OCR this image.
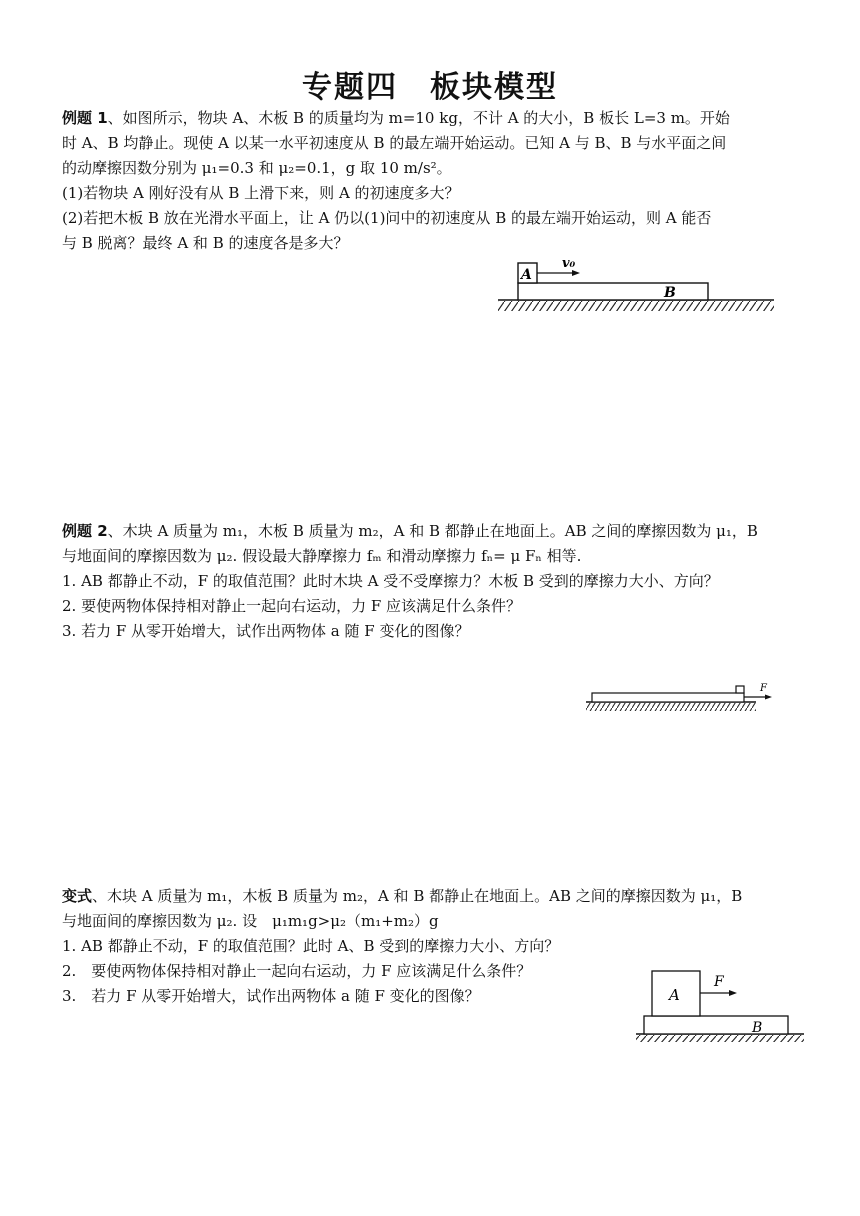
专题四　板块模型
例题 1、如图所示，物块 A、木板 B 的质量均为 m=10 kg，不计 A 的大小，B 板长 L=3 m。开始
时 A、B 均静止。现使 A 以某一水平初速度从 B 的最左端开始运动。已知 A 与 B、B 与水平面之间
的动摩擦因数分别为 μ₁=0.3 和 μ₂=0.1，g 取 10 m/s²。
(1)若物块 A 刚好没有从 B 上滑下来，则 A 的初速度多大？
(2)若把木板 B 放在光滑水平面上，让 A 仍以(1)问中的初速度从 B 的最左端开始运动，则 A 能否
与 B 脱离？最终 A 和 B 的速度各是多大？
A
B
v₀
例题 2、木块 A 质量为 m₁，木板 B 质量为 m₂，A 和 B 都静止在地面上。AB 之间的摩擦因数为 μ₁，B
与地面间的摩擦因数为 μ₂. 假设最大静摩擦力 fₘ 和滑动摩擦力 fₙ= μ Fₙ 相等.
1. AB 都静止不动，F 的取值范围？此时木块 A 受不受摩擦力？木板 B 受到的摩擦力大小、方向？
2. 要使两物体保持相对静止一起向右运动，力 F 应该满足什么条件？
3. 若力 F 从零开始增大，试作出两物体 a 随 F 变化的图像？
F
变式、木块 A 质量为 m₁，木板 B 质量为 m₂，A 和 B 都静止在地面上。AB 之间的摩擦因数为 μ₁，B
与地面间的摩擦因数为 μ₂. 设　μ₁m₁g>μ₂（m₁+m₂）g
1. AB 都静止不动，F 的取值范围？此时 A、B 受到的摩擦力大小、方向？
2.　要使两物体保持相对静止一起向右运动，力 F 应该满足什么条件？
3.　若力 F 从零开始增大，试作出两物体 a 随 F 变化的图像？	A
B
F
